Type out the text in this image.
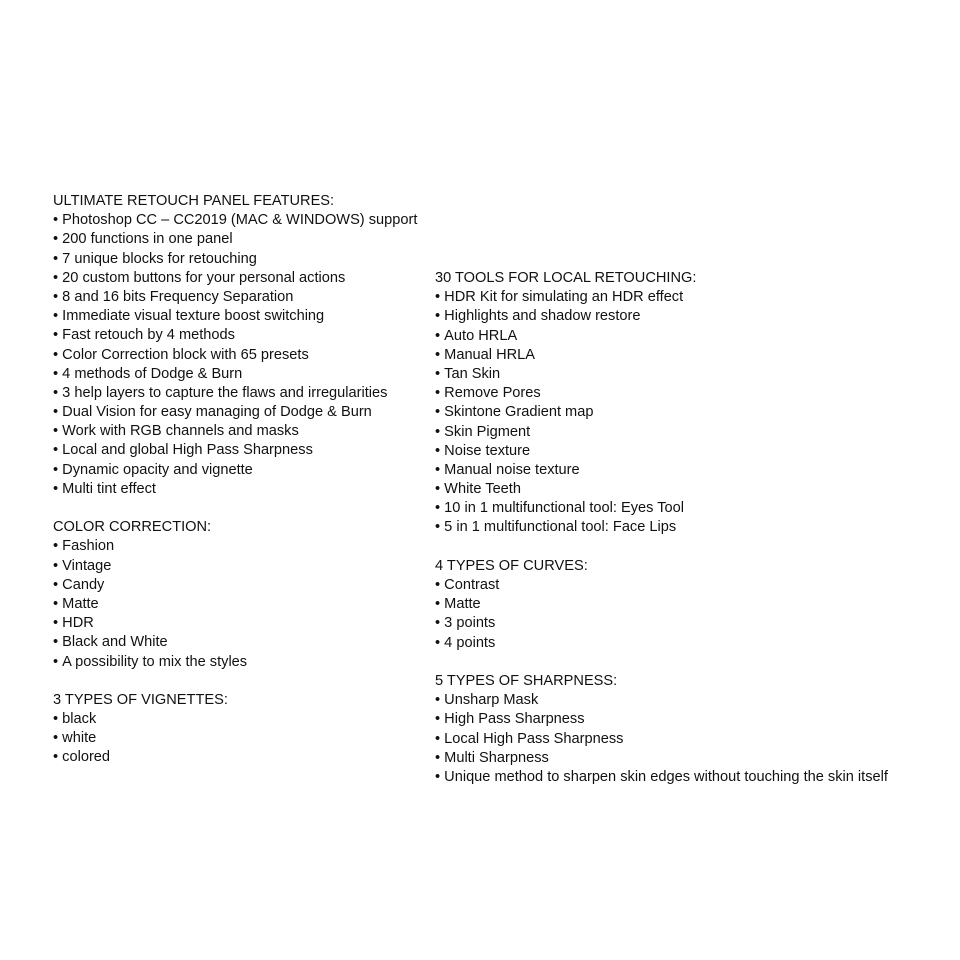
ULTIMATE RETOUCH PANEL FEATURES:
• Photoshop CC – CC2019 (MAC & WINDOWS) support
• 200 functions in one panel
• 7 unique blocks for retouching
• 20 custom buttons for your personal actions
• 8 and 16 bits Frequency Separation
• Immediate visual texture boost switching
• Fast retouch by 4 methods
• Color Correction block with 65 presets
• 4 methods of Dodge & Burn
• 3 help layers to capture the flaws and irregularities
• Dual Vision for easy managing of Dodge & Burn
• Work with RGB channels and masks
• Local and global High Pass Sharpness
• Dynamic opacity and vignette
• Multi tint effect
COLOR CORRECTION:
• Fashion
• Vintage
• Candy
• Matte
• HDR
• Black and White
• A possibility to mix the styles
3 TYPES OF VIGNETTES:
• black
• white
• colored
30 TOOLS FOR LOCAL RETOUCHING:
• HDR Kit for simulating an HDR effect
• Highlights and shadow restore
• Auto HRLA
• Manual HRLA
• Tan Skin
• Remove Pores
• Skintone Gradient map
• Skin Pigment
• Noise texture
• Manual noise texture
• White Teeth
• 10 in 1 multifunctional tool: Eyes Tool
• 5 in 1 multifunctional tool: Face Lips
4 TYPES OF CURVES:
• Contrast
• Matte
• 3 points
• 4 points
5 TYPES OF SHARPNESS:
• Unsharp Mask
• High Pass Sharpness
• Local High Pass Sharpness
• Multi Sharpness
• Unique method to sharpen skin edges without touching the skin itself
